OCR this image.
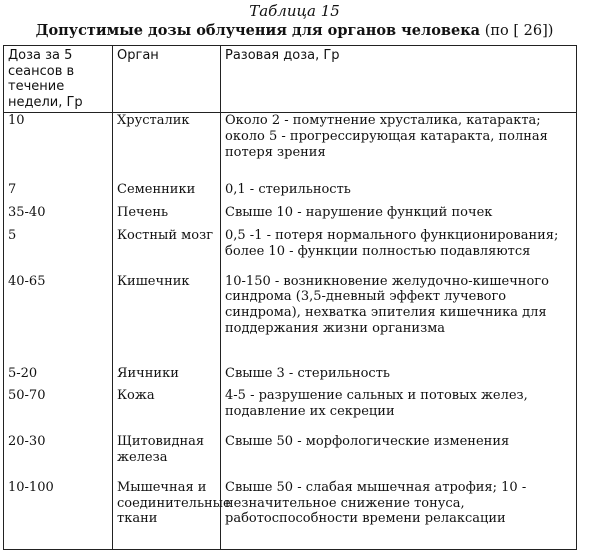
Таблица 15
Допустимые дозы облучения для органов человека (по [ 26])
Доза за 5 сеансов в течение недели, Гр	Орган	Разовая доза, Гр
10	Хрусталик	Около 2 - помутнение хрусталика, катаракта; около 5 - прогрессирующая катаракта, полная потеря зрения
7	Семенники	0,1 - стерильность
35-40	Печень	Свыше 10 - нарушение функций почек
5	Костный мозг	0,5 -1 - потеря нормального функционирования; более 10 - функции полностью подавляются
40-65	Кишечник	10-150 - возникновение желудочно-кишечного синдрома (3,5-дневный эффект лучевого синдрома), нехватка эпителия кишечника для поддержания жизни организма
5-20	Яичники	Свыше 3 - стерильность
50-70	Кожа	4-5 - разрушение сальных и потовых желез, подавление их секреции
20-30	Щитовидная железа	Свыше 50 - морфологические изменения
10-100	Мышечная и соединительные ткани	Свыше 50 - слабая мышечная атрофия; 10 - незначительное снижение тонуса, работоспособности времени релаксации
